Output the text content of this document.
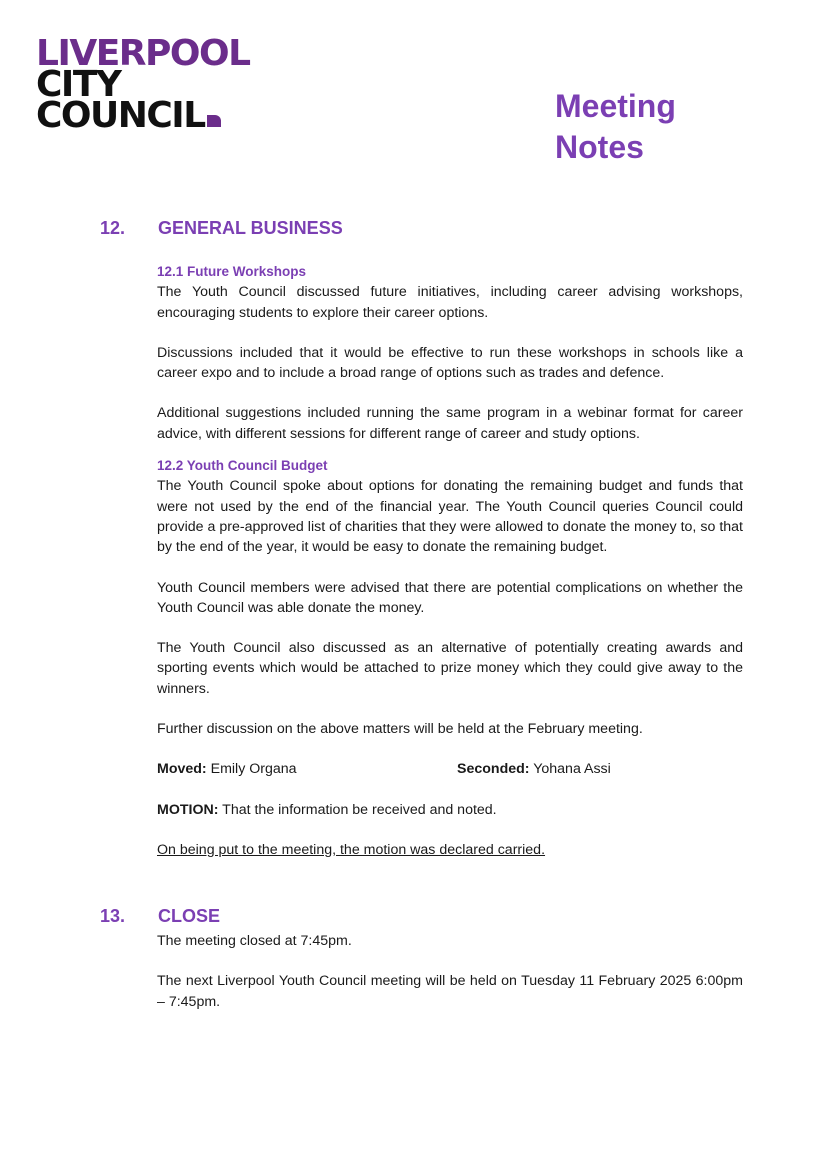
LIVERPOOL
CITY
COUNCIL	Meeting
Notes
12. GENERAL BUSINESS
12.1 Future Workshops

The Youth Council discussed future initiatives, including career advising workshops, encouraging students to explore their career options.

Discussions included that it would be effective to run these workshops in schools like a career expo and to include a broad range of options such as trades and defence.

Additional suggestions included running the same program in a webinar format for career advice, with different sessions for different range of career and study options.

12.2 Youth Council Budget

The Youth Council spoke about options for donating the remaining budget and funds that were not used by the end of the financial year. The Youth Council queries Council could provide a pre-approved list of charities that they were allowed to donate the money to, so that by the end of the year, it would be easy to donate the remaining budget.

Youth Council members were advised that there are potential complications on whether the Youth Council was able donate the money.

The Youth Council also discussed as an alternative of potentially creating awards and sporting events which would be attached to prize money which they could give away to the winners.

Further discussion on the above matters will be held at the February meeting.

Moved: Emily Organa	Seconded: Yohana Assi

MOTION: That the information be received and noted.

On being put to the meeting, the motion was declared carried.

13. CLOSE

The meeting closed at 7:45pm.

The next Liverpool Youth Council meeting will be held on Tuesday 11 February 2025 6:00pm – 7:45pm.
